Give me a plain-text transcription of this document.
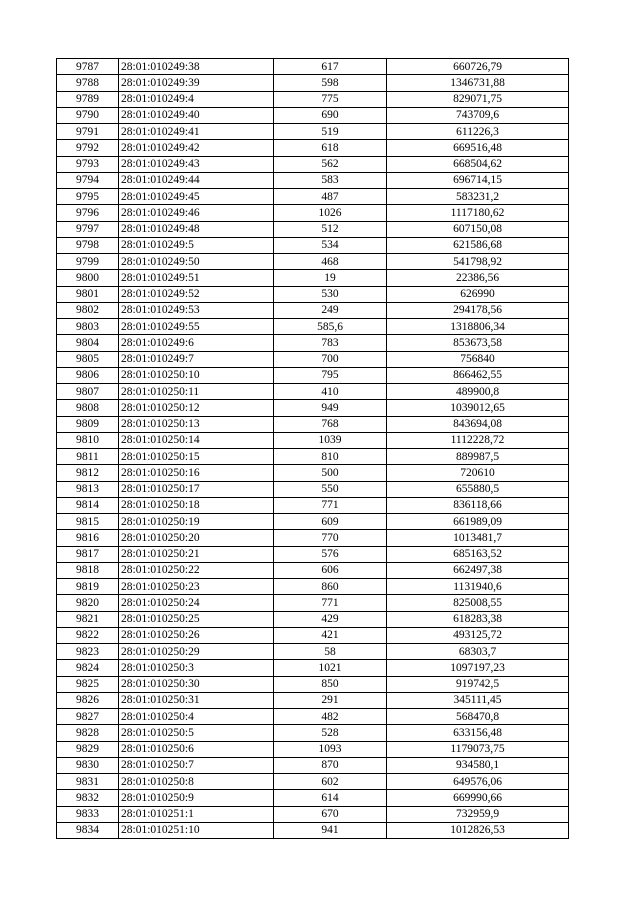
9787	28:01:010249:38	617	660726,79
9788	28:01:010249:39	598	1346731,88
9789	28:01:010249:4	775	829071,75
9790	28:01:010249:40	690	743709,6
9791	28:01:010249:41	519	611226,3
9792	28:01:010249:42	618	669516,48
9793	28:01:010249:43	562	668504,62
9794	28:01:010249:44	583	696714,15
9795	28:01:010249:45	487	583231,2
9796	28:01:010249:46	1026	1117180,62
9797	28:01:010249:48	512	607150,08
9798	28:01:010249:5	534	621586,68
9799	28:01:010249:50	468	541798,92
9800	28:01:010249:51	19	22386,56
9801	28:01:010249:52	530	626990
9802	28:01:010249:53	249	294178,56
9803	28:01:010249:55	585,6	1318806,34
9804	28:01:010249:6	783	853673,58
9805	28:01:010249:7	700	756840
9806	28:01:010250:10	795	866462,55
9807	28:01:010250:11	410	489900,8
9808	28:01:010250:12	949	1039012,65
9809	28:01:010250:13	768	843694,08
9810	28:01:010250:14	1039	1112228,72
9811	28:01:010250:15	810	889987,5
9812	28:01:010250:16	500	720610
9813	28:01:010250:17	550	655880,5
9814	28:01:010250:18	771	836118,66
9815	28:01:010250:19	609	661989,09
9816	28:01:010250:20	770	1013481,7
9817	28:01:010250:21	576	685163,52
9818	28:01:010250:22	606	662497,38
9819	28:01:010250:23	860	1131940,6
9820	28:01:010250:24	771	825008,55
9821	28:01:010250:25	429	618283,38
9822	28:01:010250:26	421	493125,72
9823	28:01:010250:29	58	68303,7
9824	28:01:010250:3	1021	1097197,23
9825	28:01:010250:30	850	919742,5
9826	28:01:010250:31	291	345111,45
9827	28:01:010250:4	482	568470,8
9828	28:01:010250:5	528	633156,48
9829	28:01:010250:6	1093	1179073,75
9830	28:01:010250:7	870	934580,1
9831	28:01:010250:8	602	649576,06
9832	28:01:010250:9	614	669990,66
9833	28:01:010251:1	670	732959,9
9834	28:01:010251:10	941	1012826,53
